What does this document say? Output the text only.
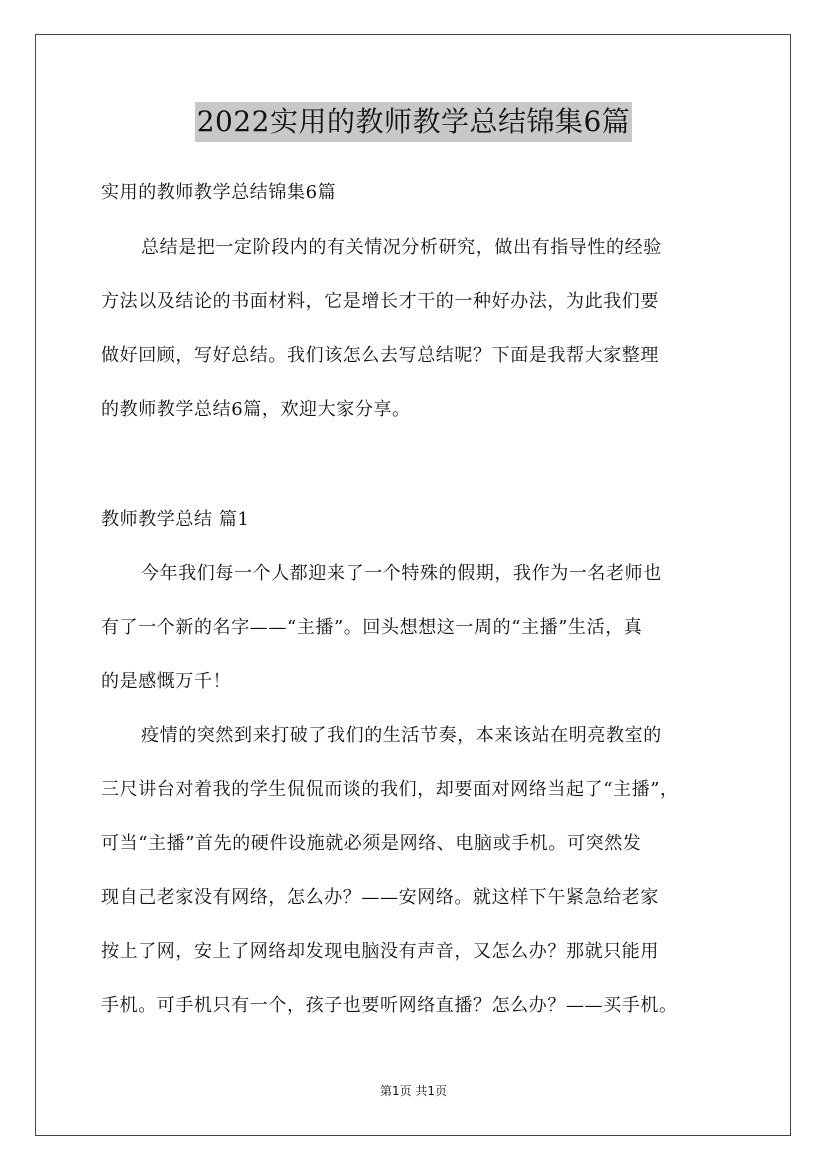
2022实用的教师教学总结锦集6篇
实用的教师教学总结锦集6篇
总结是把一定阶段内的有关情况分析研究，做出有指导性的经验
方法以及结论的书面材料，它是增长才干的一种好办法，为此我们要
做好回顾，写好总结。我们该怎么去写总结呢？下面是我帮大家整理
的教师教学总结6篇，欢迎大家分享。
教师教学总结 篇1
今年我们每一个人都迎来了一个特殊的假期，我作为一名老师也
有了一个新的名字——“主播”。回头想想这一周的“主播”生活，真
的是感慨万千！
疫情的突然到来打破了我们的生活节奏，本来该站在明亮教室的
三尺讲台对着我的学生侃侃而谈的我们，却要面对网络当起了“主播”，
可当“主播”首先的硬件设施就必须是网络、电脑或手机。可突然发
现自己老家没有网络，怎么办？——安网络。就这样下午紧急给老家
按上了网，安上了网络却发现电脑没有声音，又怎么办？那就只能用
手机。可手机只有一个，孩子也要听网络直播？怎么办？——买手机。
第1页 共1页
